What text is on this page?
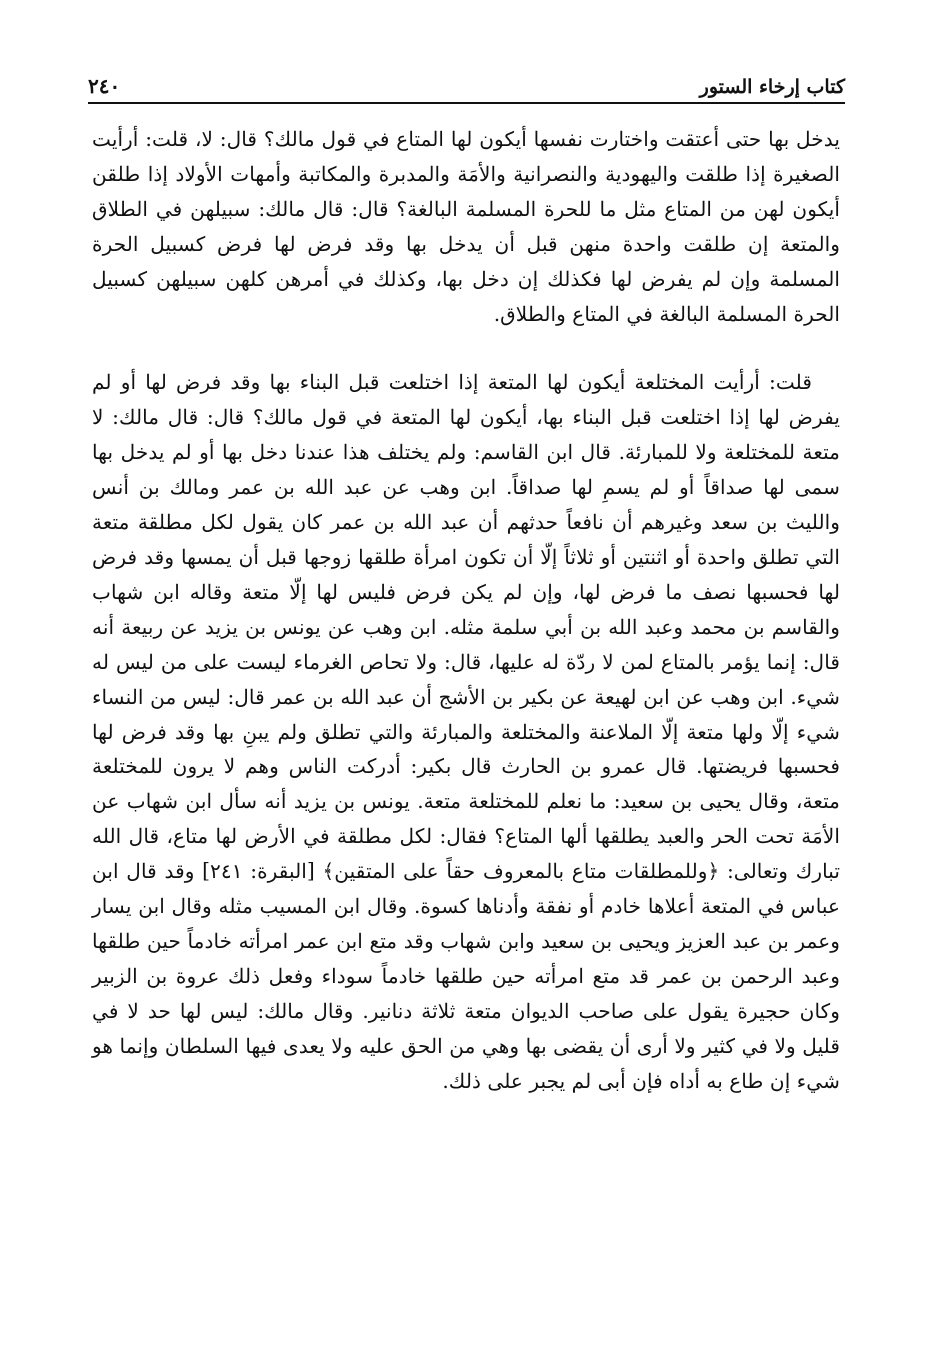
كتاب إرخاء الستور
٢٤٠

يدخل بها حتى أعتقت واختارت نفسها أيكون لها المتاع في قول مالك؟ قال: لا، قلت: أرأيت الصغيرة إذا طلقت واليهودية والنصرانية والأمَة والمدبرة والمكاتبة وأمهات الأولاد إذا طلقن أيكون لهن من المتاع مثل ما للحرة المسلمة البالغة؟ قال: قال مالك: سبيلهن في الطلاق والمتعة إن طلقت واحدة منهن قبل أن يدخل بها وقد فرض لها فرض كسبيل الحرة المسلمة وإن لم يفرض لها فكذلك إن دخل بها، وكذلك في أمرهن كلهن سبيلهن كسبيل الحرة المسلمة البالغة في المتاع والطلاق.

قلت: أرأيت المختلعة أيكون لها المتعة إذا اختلعت قبل البناء بها وقد فرض لها أو لم يفرض لها إذا اختلعت قبل البناء بها، أيكون لها المتعة في قول مالك؟ قال: قال مالك: لا متعة للمختلعة ولا للمبارئة. قال ابن القاسم: ولم يختلف هذا عندنا دخل بها أو لم يدخل بها سمى لها صداقاً أو لم يسمِ لها صداقاً. ابن وهب عن عبد الله بن عمر ومالك بن أنس والليث بن سعد وغيرهم أن نافعاً حدثهم أن عبد الله بن عمر كان يقول لكل مطلقة متعة التي تطلق واحدة أو اثنتين أو ثلاثاً إلّا أن تكون امرأة طلقها زوجها قبل أن يمسها وقد فرض لها فحسبها نصف ما فرض لها، وإن لم يكن فرض فليس لها إلّا متعة وقاله ابن شهاب والقاسم بن محمد وعبد الله بن أبي سلمة مثله. ابن وهب عن يونس بن يزيد عن ربيعة أنه قال: إنما يؤمر بالمتاع لمن لا ردّة له عليها، قال: ولا تحاص الغرماء ليست على من ليس له شيء. ابن وهب عن ابن لهيعة عن بكير بن الأشج أن عبد الله بن عمر قال: ليس من النساء شيء إلّا ولها متعة إلّا الملاعنة والمختلعة والمبارئة والتي تطلق ولم يبنِ بها وقد فرض لها فحسبها فريضتها. قال عمرو بن الحارث قال بكير: أدركت الناس وهم لا يرون للمختلعة متعة، وقال يحيى بن سعيد: ما نعلم للمختلعة متعة. يونس بن يزيد أنه سأل ابن شهاب عن الأمَة تحت الحر والعبد يطلقها ألها المتاع؟ فقال: لكل مطلقة في الأرض لها متاع، قال الله تبارك وتعالى: ﴿وللمطلقات متاع بالمعروف حقاً على المتقين﴾ [البقرة: ٢٤١] وقد قال ابن عباس في المتعة أعلاها خادم أو نفقة وأدناها كسوة. وقال ابن المسيب مثله وقال ابن يسار وعمر بن عبد العزيز ويحيى بن سعيد وابن شهاب وقد متع ابن عمر امرأته خادماً حين طلقها وعبد الرحمن بن عمر قد متع امرأته حين طلقها خادماً سوداء وفعل ذلك عروة بن الزبير وكان حجيرة يقول على صاحب الديوان متعة ثلاثة دنانير. وقال مالك: ليس لها حد لا في قليل ولا في كثير ولا أرى أن يقضى بها وهي من الحق عليه ولا يعدى فيها السلطان وإنما هو شيء إن طاع به أداه فإن أبى لم يجبر على ذلك.
